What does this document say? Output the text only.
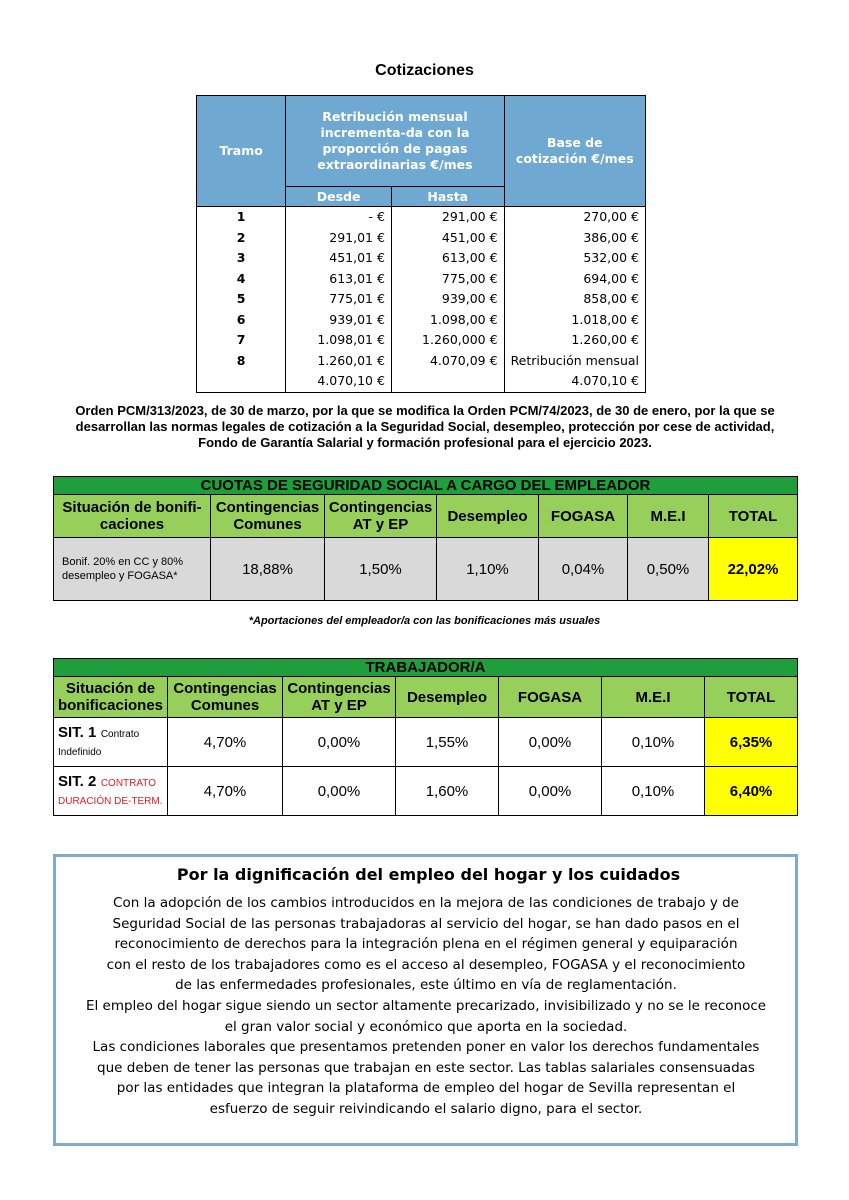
Cotizaciones
Tramo	Retribución mensual incrementa-da con la proporción de pagas extraordinarias €/mes		Base de cotización €/mes
	Desde	Hasta	
1	- €	291,00 €	270,00 €
2	291,01 €	451,00 €	386,00 €
3	451,01 €	613,00 €	532,00 €
4	613,01 €	775,00 €	694,00 €
5	775,01 €	939,00 €	858,00 €
6	939,01 €	1.098,00 €	1.018,00 €
7	1.098,01 €	1.260,000 €	1.260,00 €
8	1.260,01 €	4.070,09 €	Retribución mensual
	4.070,10 €		4.070,10 €
Orden PCM/313/2023, de 30 de marzo, por la que se modifica la Orden PCM/74/2023, de 30 de enero, por la que se desarrollan las normas legales de cotización a la Seguridad Social, desempleo, protección por cese de actividad, Fondo de Garantía Salarial y formación profesional para el ejercicio 2023.
CUOTAS DE SEGURIDAD SOCIAL A CARGO DEL EMPLEADOR						
Situación de bonifi-caciones	Contingencias Comunes	Contingencias AT y EP	Desempleo	FOGASA	M.E.I	TOTAL
Bonif. 20% en CC y 80% desempleo y FOGASA*	18,88%	1,50%	1,10%	0,04%	0,50%	22,02%
*Aportaciones del empleador/a con las bonificaciones más usuales
TRABAJADOR/A						
Situación de bonificaciones	Contingencias Comunes	Contingencias AT y EP	Desempleo	FOGASA	M.E.I	TOTAL
SIT. 1 Contrato Indefinido	4,70%	0,00%	1,55%	0,00%	0,10%	6,35%
SIT. 2 CONTRATO DURACIÓN DE-TERM.	4,70%	0,00%	1,60%	0,00%	0,10%	6,40%
Por la dignificación del empleo del hogar y los cuidados
Con la adopción de los cambios introducidos en la mejora de las condiciones de trabajo y de
Seguridad Social de las personas trabajadoras al servicio del hogar, se han dado pasos en el
reconocimiento de derechos para la integración plena en el régimen general y equiparación
con el resto de los trabajadores como es el acceso al desempleo, FOGASA y el reconocimiento
de las enfermedades profesionales, este último en vía de reglamentación.
El empleo del hogar sigue siendo un sector altamente precarizado, invisibilizado y no se le reconoce
el gran valor social y económico que aporta en la sociedad.
Las condiciones laborales que presentamos pretenden poner en valor los derechos fundamentales
que deben de tener las personas que trabajan en este sector. Las tablas salariales consensuadas
por las entidades que integran la plataforma de empleo del hogar de Sevilla representan el
esfuerzo de seguir reivindicando el salario digno, para el sector.
